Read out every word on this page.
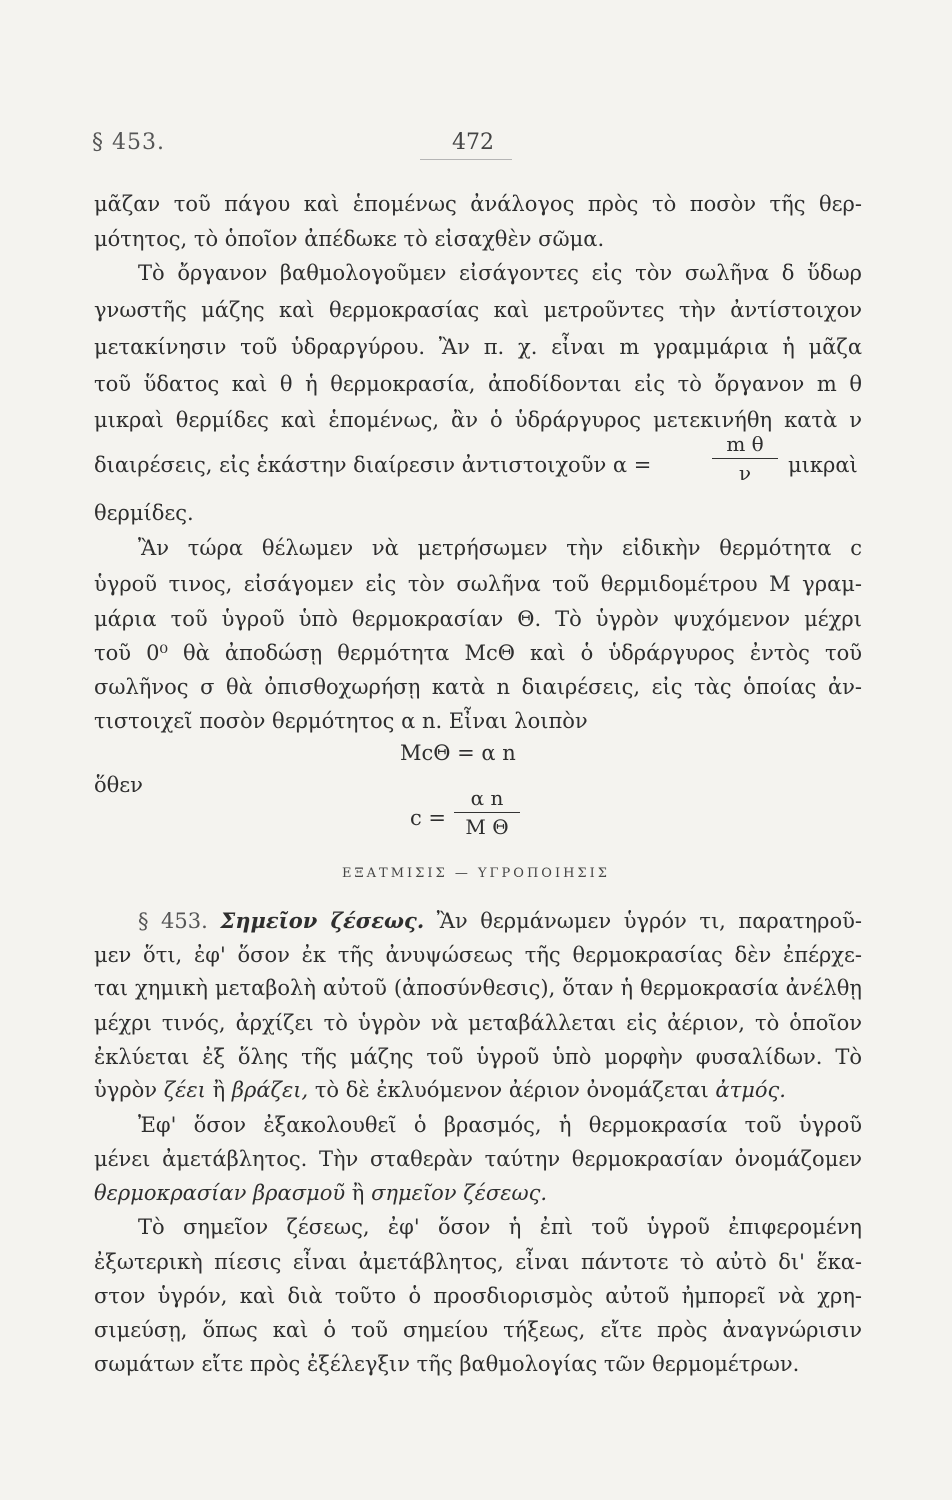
§ 453.	472
μᾶζαν τοῦ πάγου καὶ ἑπομένως ἀνάλογος πρὸς τὸ ποσὸν τῆς θερ-
μότητος, τὸ ὁποῖον ἀπέδωκε τὸ εἰσαχθὲν σῶμα.
Τὸ ὄργανον βαθμολογοῦμεν εἰσάγοντες εἰς τὸν σωλῆνα δ ὕδωρ
γνωστῆς μάζης καὶ θερμοκρασίας καὶ μετροῦντες τὴν ἀντίστοιχον
μετακίνησιν τοῦ ὑδραργύρου. Ἂν π. χ. εἶναι m γραμμάρια ἡ μᾶζα
τοῦ ὕδατος καὶ θ ἡ θερμοκρασία, ἀποδίδονται εἰς τὸ ὄργανον m θ
μικραὶ θερμίδες καὶ ἑπομένως, ἂν ὁ ὑδράργυρος μετεκινήθη κατὰ ν
διαιρέσεις, εἰς ἑκάστην διαίρεσιν ἀντιστοιχοῦν α =
m θ
ν	μικραὶ
θερμίδες.
Ἂν τώρα θέλωμεν νὰ μετρήσωμεν τὴν εἰδικὴν θερμότητα c
ὑγροῦ τινος, εἰσάγομεν εἰς τὸν σωλῆνα τοῦ θερμιδομέτρου Μ γραμ-
μάρια τοῦ ὑγροῦ ὑπὸ θερμοκρασίαν Θ. Τὸ ὑγρὸν ψυχόμενον μέχρι
τοῦ 0⁰ θὰ ἀποδώσῃ θερμότητα McΘ καὶ ὁ ὑδράργυρος ἐντὸς τοῦ
σωλῆνος σ θὰ ὀπισθοχωρήσῃ κατὰ n διαιρέσεις, εἰς τὰς ὁποίας ἀν-
τιστοιχεῖ ποσὸν θερμότητος α n. Εἶναι λοιπὸν
McΘ = α n
ὅθεν
c =
α n
M Θ
ΕΞΑΤΜΙΣΙΣ — ΥΓΡΟΠΟΙΗΣΙΣ
§ 453. Σημεῖον ζέσεως. Ἂν θερμάνωμεν ὑγρόν τι, παρατηροῦ-
μεν ὅτι, ἐφ' ὅσον ἐκ τῆς ἀνυψώσεως τῆς θερμοκρασίας δὲν ἐπέρχε-
ται χημικὴ μεταβολὴ αὐτοῦ (ἀποσύνθεσις), ὅταν ἡ θερμοκρασία ἀνέλθῃ
μέχρι τινός, ἀρχίζει τὸ ὑγρὸν νὰ μεταβάλλεται εἰς ἀέριον, τὸ ὁποῖον
ἐκλύεται ἐξ ὅλης τῆς μάζης τοῦ ὑγροῦ ὑπὸ μορφὴν φυσαλίδων. Τὸ
ὑγρὸν ζέει ἢ βράζει, τὸ δὲ ἐκλυόμενον ἀέριον ὀνομάζεται ἀτμός.
Ἐφ' ὅσον ἐξακολουθεῖ ὁ βρασμός, ἡ θερμοκρασία τοῦ ὑγροῦ
μένει ἀμετάβλητος. Τὴν σταθερὰν ταύτην θερμοκρασίαν ὀνομάζομεν
θερμοκρασίαν βρασμοῦ ἢ σημεῖον ζέσεως.
Τὸ σημεῖον ζέσεως, ἐφ' ὅσον ἡ ἐπὶ τοῦ ὑγροῦ ἐπιφερομένη
ἐξωτερικὴ πίεσις εἶναι ἀμετάβλητος, εἶναι πάντοτε τὸ αὐτὸ δι' ἕκα-
στον ὑγρόν, καὶ διὰ τοῦτο ὁ προσδιορισμὸς αὐτοῦ ἠμπορεῖ νὰ χρη-
σιμεύσῃ, ὅπως καὶ ὁ τοῦ σημείου τήξεως, εἴτε πρὸς ἀναγνώρισιν
σωμάτων εἴτε πρὸς ἐξέλεγξιν τῆς βαθμολογίας τῶν θερμομέτρων.
